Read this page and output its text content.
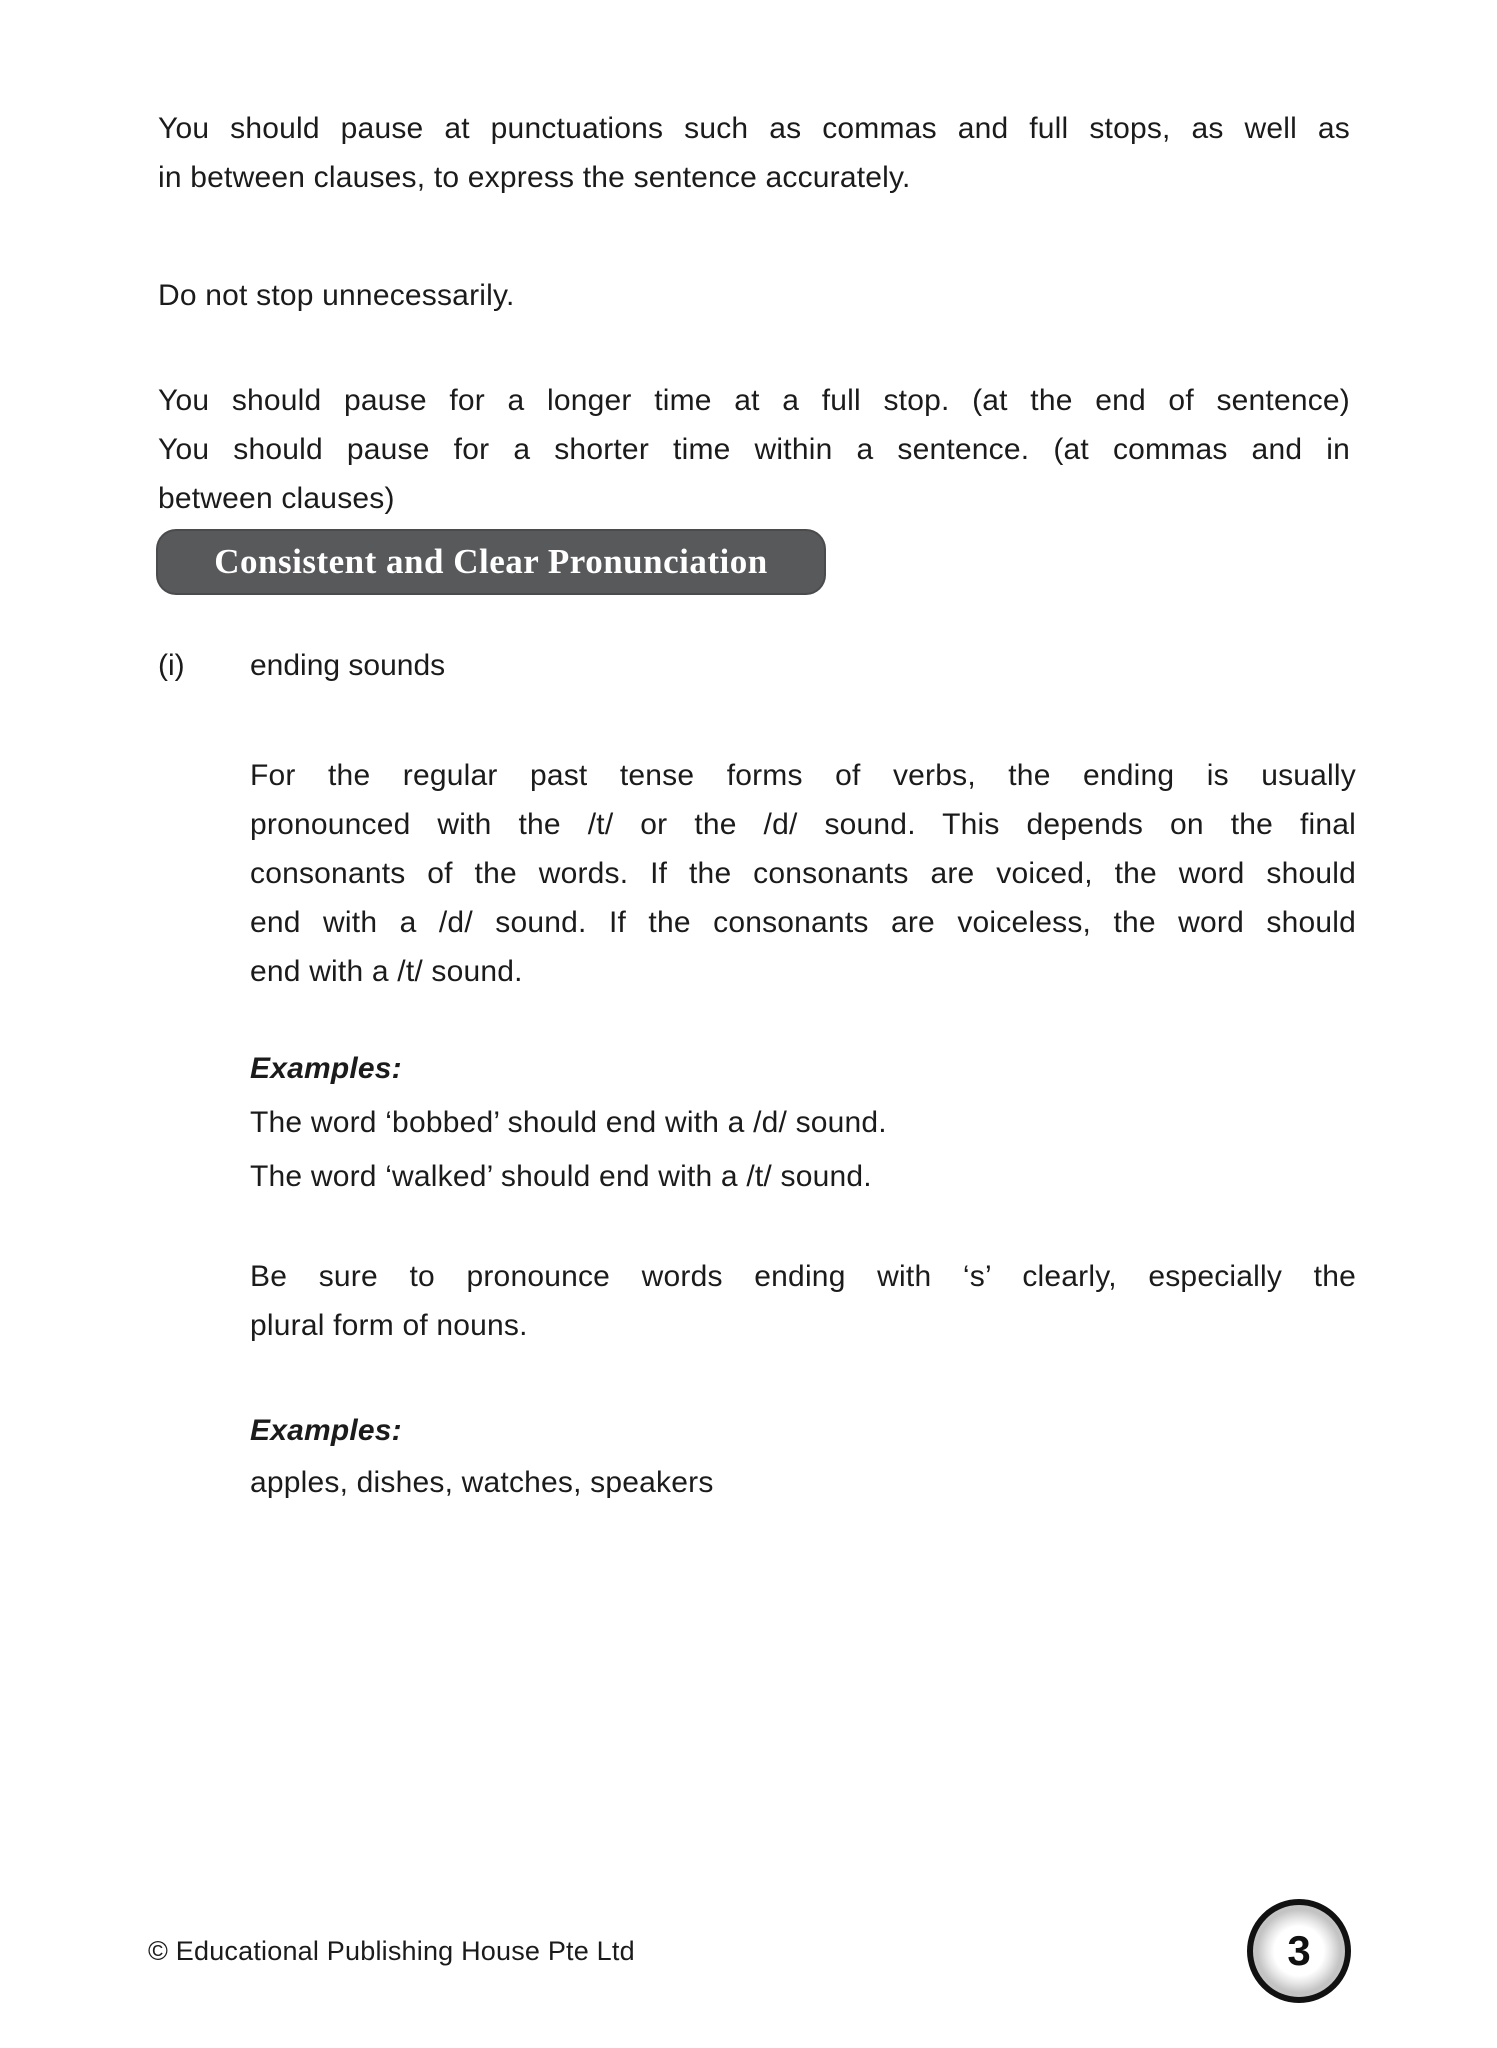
You should pause at punctuations such as commas and full stops, as well as
in between clauses, to express the sentence accurately.
Do not stop unnecessarily.
You should pause for a longer time at a full stop. (at the end of sentence)
You should pause for a shorter time within a sentence. (at commas and in
between clauses)
Consistent and Clear Pronunciation
(i) ending sounds
For the regular past tense forms of verbs, the ending is usually
pronounced with the /t/ or the /d/ sound. This depends on the final
consonants of the words. If the consonants are voiced, the word should
end with a /d/ sound. If the consonants are voiceless, the word should
end with a /t/ sound.
Examples:
The word ‘bobbed’ should end with a /d/ sound.
The word ‘walked’ should end with a /t/ sound.
Be sure to pronounce words ending with ‘s’ clearly, especially the
plural form of nouns.
Examples:
apples, dishes, watches, speakers
© Educational Publishing House Pte Ltd	3
